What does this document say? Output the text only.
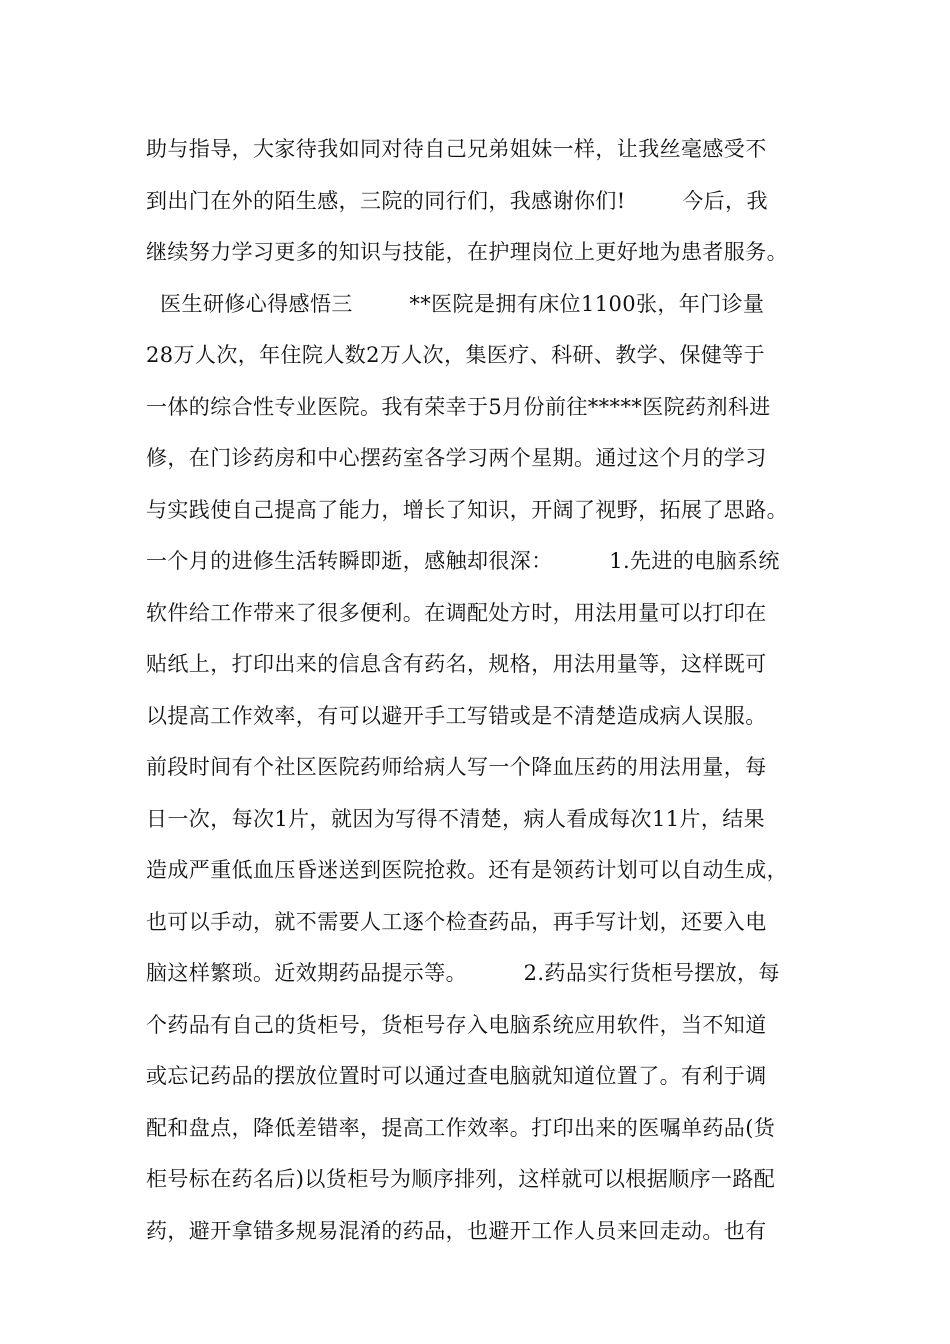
助与指导，大家待我如同对待自己兄弟姐妹一样，让我丝毫感受不
到出门在外的陌生感，三院的同行们，我感谢你们!        今后，我
继续努力学习更多的知识与技能，在护理岗位上更好地为患者服务。
医生研修心得感悟三        **医院是拥有床位1100张，年门诊量
28万人次，年住院人数2万人次，集医疗、科研、教学、保健等于
一体的综合性专业医院。我有荣幸于5月份前往*****医院药剂科进
修，在门诊药房和中心摆药室各学习两个星期。通过这个月的学习
与实践使自己提高了能力，增长了知识，开阔了视野，拓展了思路。
一个月的进修生活转瞬即逝，感触却很深：        1.先进的电脑系统
软件给工作带来了很多便利。在调配处方时，用法用量可以打印在
贴纸上，打印出来的信息含有药名，规格，用法用量等，这样既可
以提高工作效率，有可以避开手工写错或是不清楚造成病人误服。
前段时间有个社区医院药师给病人写一个降血压药的用法用量，每
日一次，每次1片，就因为写得不清楚，病人看成每次11片，结果
造成严重低血压昏迷送到医院抢救。还有是领药计划可以自动生成，
也可以手动，就不需要人工逐个检查药品，再手写计划，还要入电
脑这样繁琐。近效期药品提示等。        2.药品实行货柜号摆放，每
个药品有自己的货柜号，货柜号存入电脑系统应用软件，当不知道
或忘记药品的摆放位置时可以通过查电脑就知道位置了。有利于调
配和盘点，降低差错率，提高工作效率。打印出来的医嘱单药品(货
柜号标在药名后)以货柜号为顺序排列，这样就可以根据顺序一路配
药，避开拿错多规易混淆的药品，也避开工作人员来回走动。也有
